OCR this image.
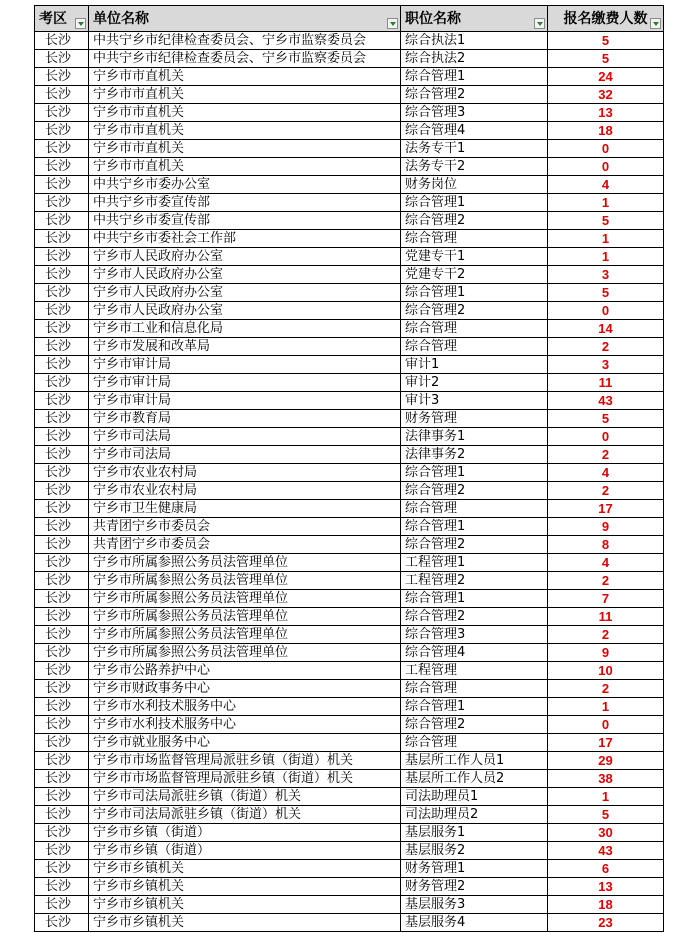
考区	单位名称	职位名称	报名缴费人数

长沙	中共宁乡市纪律检查委员会、宁乡市监察委员会	综合执法1	5
长沙	中共宁乡市纪律检查委员会、宁乡市监察委员会	综合执法2	5
长沙	宁乡市市直机关	综合管理1	24
长沙	宁乡市市直机关	综合管理2	32
长沙	宁乡市市直机关	综合管理3	13
长沙	宁乡市市直机关	综合管理4	18
长沙	宁乡市市直机关	法务专干1	0
长沙	宁乡市市直机关	法务专干2	0
长沙	中共宁乡市委办公室	财务岗位	4
长沙	中共宁乡市委宣传部	综合管理1	1
长沙	中共宁乡市委宣传部	综合管理2	5
长沙	中共宁乡市委社会工作部	综合管理	1
长沙	宁乡市人民政府办公室	党建专干1	1
长沙	宁乡市人民政府办公室	党建专干2	3
长沙	宁乡市人民政府办公室	综合管理1	5
长沙	宁乡市人民政府办公室	综合管理2	0
长沙	宁乡市工业和信息化局	综合管理	14
长沙	宁乡市发展和改革局	综合管理	2
长沙	宁乡市审计局	审计1	3
长沙	宁乡市审计局	审计2	11
长沙	宁乡市审计局	审计3	43
长沙	宁乡市教育局	财务管理	5
长沙	宁乡市司法局	法律事务1	0
长沙	宁乡市司法局	法律事务2	2
长沙	宁乡市农业农村局	综合管理1	4
长沙	宁乡市农业农村局	综合管理2	2
长沙	宁乡市卫生健康局	综合管理	17
长沙	共青团宁乡市委员会	综合管理1	9
长沙	共青团宁乡市委员会	综合管理2	8
长沙	宁乡市所属参照公务员法管理单位	工程管理1	4
长沙	宁乡市所属参照公务员法管理单位	工程管理2	2
长沙	宁乡市所属参照公务员法管理单位	综合管理1	7
长沙	宁乡市所属参照公务员法管理单位	综合管理2	11
长沙	宁乡市所属参照公务员法管理单位	综合管理3	2
长沙	宁乡市所属参照公务员法管理单位	综合管理4	9
长沙	宁乡市公路养护中心	工程管理	10
长沙	宁乡市财政事务中心	综合管理	2
长沙	宁乡市水利技术服务中心	综合管理1	1
长沙	宁乡市水利技术服务中心	综合管理2	0
长沙	宁乡市就业服务中心	综合管理	17
长沙	宁乡市市场监督管理局派驻乡镇（街道）机关	基层所工作人员1	29
长沙	宁乡市市场监督管理局派驻乡镇（街道）机关	基层所工作人员2	38
长沙	宁乡市司法局派驻乡镇（街道）机关	司法助理员1	1
长沙	宁乡市司法局派驻乡镇（街道）机关	司法助理员2	5
长沙	宁乡市乡镇（街道）	基层服务1	30
长沙	宁乡市乡镇（街道）	基层服务2	43
长沙	宁乡市乡镇机关	财务管理1	6
长沙	宁乡市乡镇机关	财务管理2	13
长沙	宁乡市乡镇机关	基层服务3	18
长沙	宁乡市乡镇机关	基层服务4	23
